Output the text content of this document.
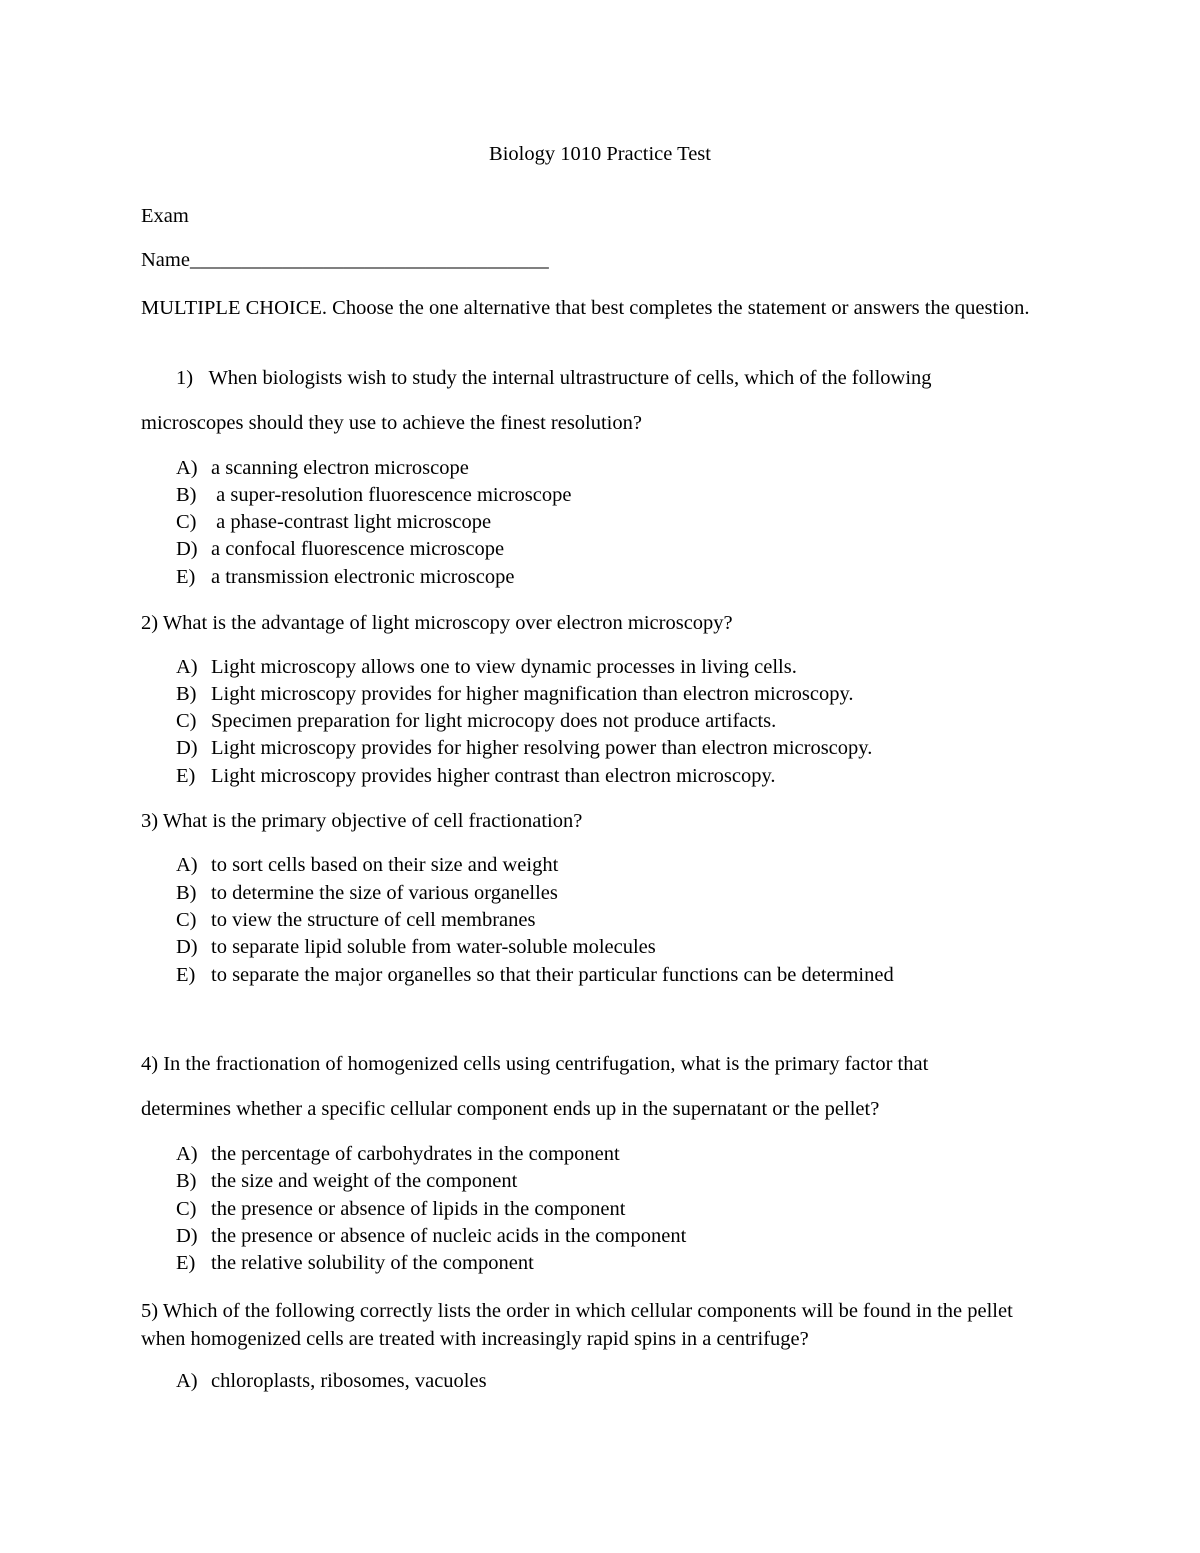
Biology 1010 Practice Test
Exam
Name___________________________________
MULTIPLE CHOICE. Choose the one alternative that best completes the statement or answers the question.
1) When biologists wish to study the internal ultrastructure of cells, which of the following
microscopes should they use to achieve the finest resolution?
A) a scanning electron microscope
B) a super-resolution fluorescence microscope
C) a phase-contrast light microscope
D) a confocal fluorescence microscope
E) a transmission electronic microscope
2) What is the advantage of light microscopy over electron microscopy?
A) Light microscopy allows one to view dynamic processes in living cells.
B) Light microscopy provides for higher magnification than electron microscopy.
C) Specimen preparation for light microcopy does not produce artifacts.
D) Light microscopy provides for higher resolving power than electron microscopy.
E) Light microscopy provides higher contrast than electron microscopy.
3) What is the primary objective of cell fractionation?
A) to sort cells based on their size and weight
B) to determine the size of various organelles
C) to view the structure of cell membranes
D) to separate lipid soluble from water-soluble molecules
E) to separate the major organelles so that their particular functions can be determined
4) In the fractionation of homogenized cells using centrifugation, what is the primary factor that
determines whether a specific cellular component ends up in the supernatant or the pellet?
A) the percentage of carbohydrates in the component
B) the size and weight of the component
C) the presence or absence of lipids in the component
D) the presence or absence of nucleic acids in the component
E) the relative solubility of the component
5) Which of the following correctly lists the order in which cellular components will be found in the pellet when homogenized cells are treated with increasingly rapid spins in a centrifuge?
A) chloroplasts, ribosomes, vacuoles
